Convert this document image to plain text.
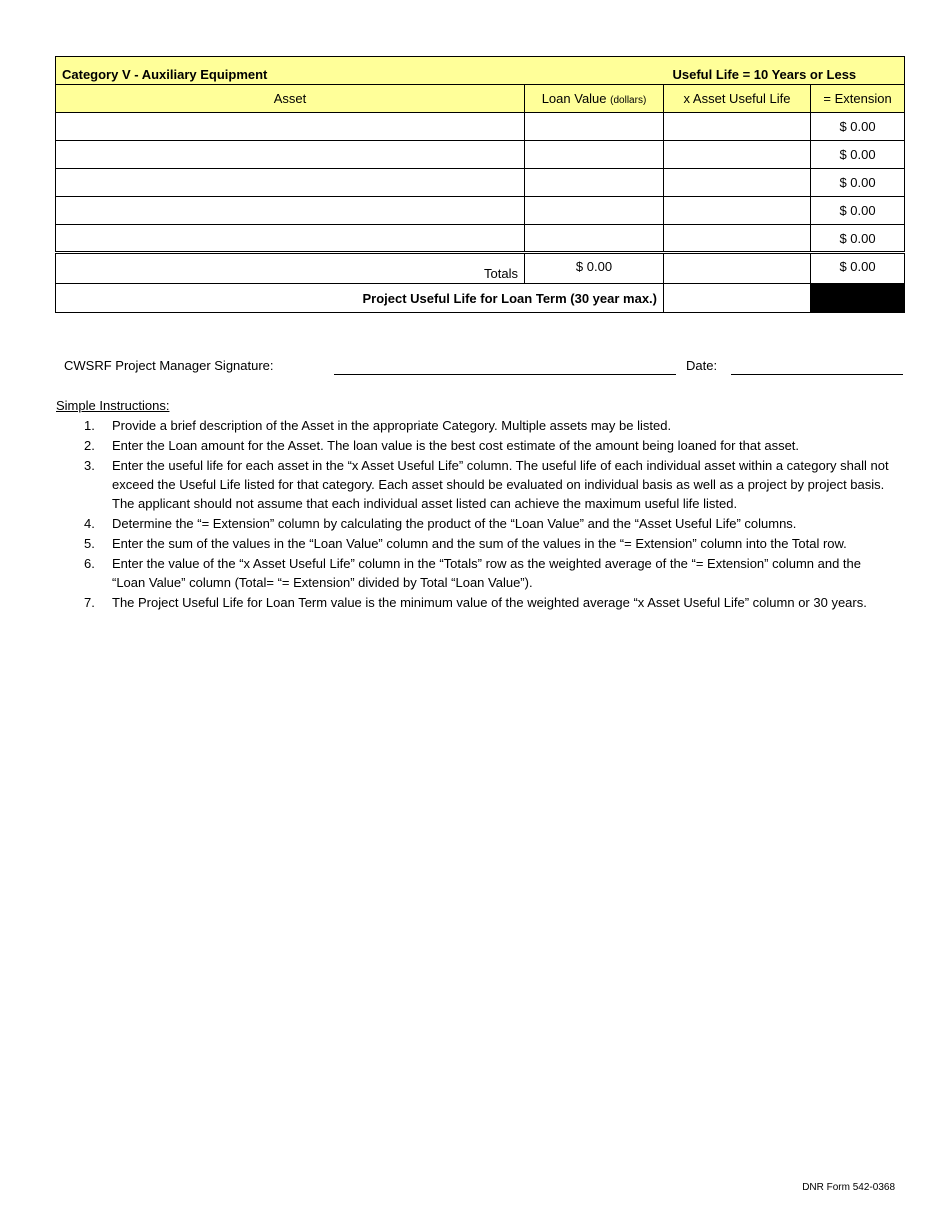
Category V - Auxiliary Equipment Useful Life = 10 Years or Less			

Asset	Loan Value (dollars)	x Asset Useful Life	= Extension
			$ 0.00
			$ 0.00
			$ 0.00
			$ 0.00
			$ 0.00
Totals	$ 0.00		$ 0.00
Project Useful Life for Loan Term (30 year max.)			
CWSRF Project Manager Signature:	Date:
Simple Instructions:
1.	Provide a brief description of the Asset in the appropriate Category. Multiple assets may be listed.
2.	Enter the Loan amount for the Asset. The loan value is the best cost estimate of the amount being loaned for that asset.
3.	Enter the useful life for each asset in the “x Asset Useful Life” column. The useful life of each individual asset within a category shall not exceed the Useful Life listed for that category. Each asset should be evaluated on individual basis as well as a project by project basis. The applicant should not assume that each individual asset listed can achieve the maximum useful life listed.
4.	Determine the “= Extension” column by calculating the product of the “Loan Value” and the “Asset Useful Life” columns.
5.	Enter the sum of the values in the “Loan Value” column and the sum of the values in the “= Extension” column into the Total row.
6.	Enter the value of the “x Asset Useful Life” column in the “Totals” row as the weighted average of the “= Extension” column and the “Loan Value” column (Total= “= Extension” divided by Total “Loan Value”).
7.	The Project Useful Life for Loan Term value is the minimum value of the weighted average “x Asset Useful Life” column or 30 years.
DNR Form 542-0368
